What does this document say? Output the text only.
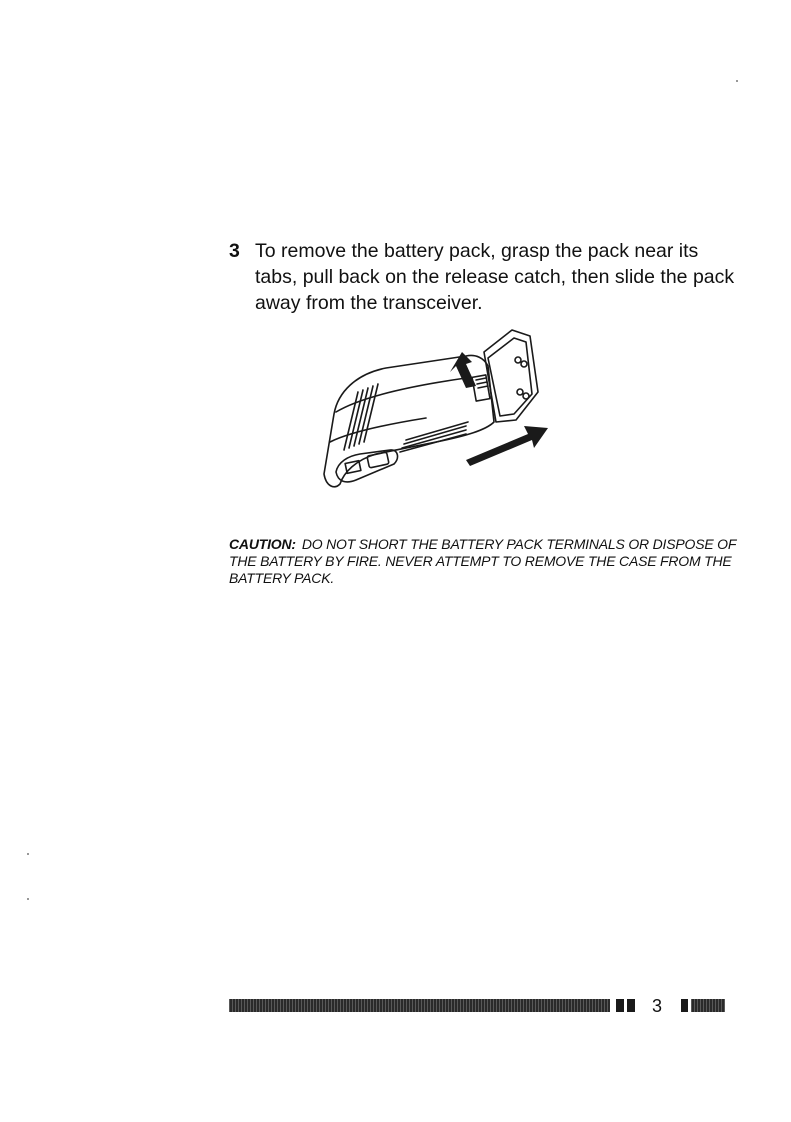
3 To remove the battery pack, grasp the pack near its tabs, pull back on the release catch, then slide the pack away from the transceiver.
CAUTION: DO NOT SHORT THE BATTERY PACK TERMINALS OR DISPOSE OF THE BATTERY BY FIRE. NEVER ATTEMPT TO REMOVE THE CASE FROM THE BATTERY PACK.
3
